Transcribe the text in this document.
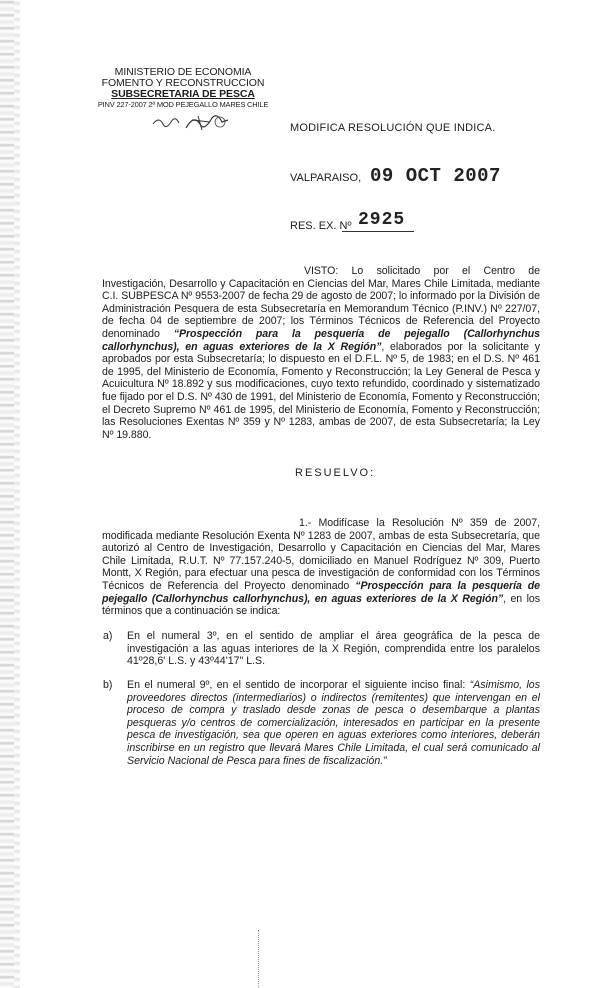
MINISTERIO DE ECONOMIA
FOMENTO Y RECONSTRUCCION
SUBSECRETARIA DE PESCA
PINV 227-2007 2ª MOD PEJEGALLO MARES CHILE
MODIFICA RESOLUCIÓN QUE INDICA.
VALPARAISO, 09 OCT 2007
RES. EX. Nº 2925
VISTO: Lo solicitado por el Centro de Investigación, Desarrollo y Capacitación en Ciencias del Mar, Mares Chile Limitada, mediante C.I. SUBPESCA Nº 9553-2007 de fecha 29 de agosto de 2007; lo informado por la División de Administración Pesquera de esta Subsecretaría en Memorandum Técnico (P.INV.) Nº 227/07, de fecha 04 de septiembre de 2007; los Términos Técnicos de Referencia del Proyecto denominado “Prospección para la pesquería de pejegallo (Callorhynchus callorhynchus), en aguas exteriores de la X Región”, elaborados por la solicitante y aprobados por esta Subsecretaría; lo dispuesto en el D.F.L. Nº 5, de 1983; en el D.S. Nº 461 de 1995, del Ministerio de Economía, Fomento y Reconstrucción; la Ley General de Pesca y Acuicultura Nº 18.892 y sus modificaciones, cuyo texto refundido, coordinado y sistematizado fue fijado por el D.S. Nº 430 de 1991, del Ministerio de Economía, Fomento y Reconstrucción; el Decreto Supremo Nº 461 de 1995, del Ministerio de Economía, Fomento y Reconstrucción; las Resoluciones Exentas Nº 359 y Nº 1283, ambas de 2007, de esta Subsecretaría; la Ley Nº 19.880.
RESUELVO:
1.- Modifícase la Resolución Nº 359 de 2007, modificada mediante Resolución Exenta Nº 1283 de 2007, ambas de esta Subsecretaría, que autorizó al Centro de Investigación, Desarrollo y Capacitación en Ciencias del Mar, Mares Chile Limitada, R.U.T. Nº 77.157.240-5, domiciliado en Manuel Rodríguez Nº 309, Puerto Montt, X Región, para efectuar una pesca de investigación de conformidad con los Términos Técnicos de Referencia del Proyecto denominado “Prospección para la pesquería de pejegallo (Callorhynchus callorhynchus), en aguas exteriores de la X Región”, en los términos que a continuación se indica:
a) En el numeral 3º, en el sentido de ampliar el área geográfica de la pesca de investigación a las aguas interiores de la X Región, comprendida entre los paralelos 41º28,6' L.S. y 43º44'17" L.S.
b) En el numeral 9º, en el sentido de incorporar el siguiente inciso final: “Asimismo, los proveedores directos (intermediarios) o indirectos (remitentes) que intervengan en el proceso de compra y traslado desde zonas de pesca o desembarque a plantas pesqueras y/o centros de comercialización, interesados en participar en la presente pesca de investigación, sea que operen en aguas exteriores como interiores, deberán inscribirse en un registro que llevará Mares Chile Limitada, el cual será comunicado al Servicio Nacional de Pesca para fines de fiscalización.”
